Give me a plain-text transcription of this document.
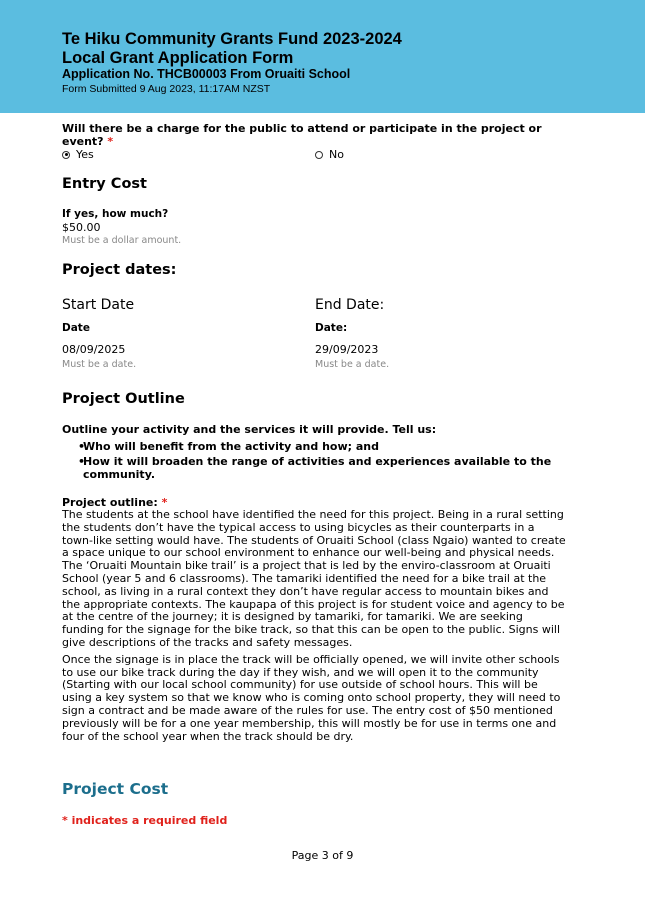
Te Hiku Community Grants Fund 2023-2024
Local Grant Application Form
Application No. THCB00003 From Oruaiti School
Form Submitted 9 Aug 2023, 11:17AM NZST
Will there be a charge for the public to attend or participate in the project or event? *
Yes	No
Entry Cost
If yes, how much?
$50.00
Must be a dollar amount.
Project dates:
Start Date	End Date:
Date	Date:
08/09/2025	29/09/2023
Must be a date.	Must be a date.
Project Outline
Outline your activity and the services it will provide. Tell us:
•
Who will benefit from the activity and how; and
•
How it will broaden the range of activities and experiences available to the community.
Project outline: *

The students at the school have identified the need for this project. Being in a rural setting the students don’t have the typical access to using bicycles as their counterparts in a town-like setting would have. The students of Oruaiti School (class Ngaio) wanted to create a space unique to our school environment to enhance our well-being and physical needs. The ‘Oruaiti Mountain bike trail’ is a project that is led by the enviro-classroom at Oruaiti School (year 5 and 6 classrooms). The tamariki identified the need for a bike trail at the school, as living in a rural context they don’t have regular access to mountain bikes and the appropriate contexts. The kaupapa of this project is for student voice and agency to be at the centre of the journey; it is designed by tamariki, for tamariki. We are seeking funding for the signage for the bike track, so that this can be open to the public. Signs will give descriptions of the tracks and safety messages.

Once the signage is in place the track will be officially opened, we will invite other schools to use our bike track during the day if they wish, and we will open it to the community (Starting with our local school community) for use outside of school hours. This will be using a key system so that we know who is coming onto school property, they will need to sign a contract and be made aware of the rules for use. The entry cost of $50 mentioned previously will be for a one year membership, this will mostly be for use in terms one and four of the school year when the track should be dry.

Project Cost
* indicates a required field
Page 3 of 9
